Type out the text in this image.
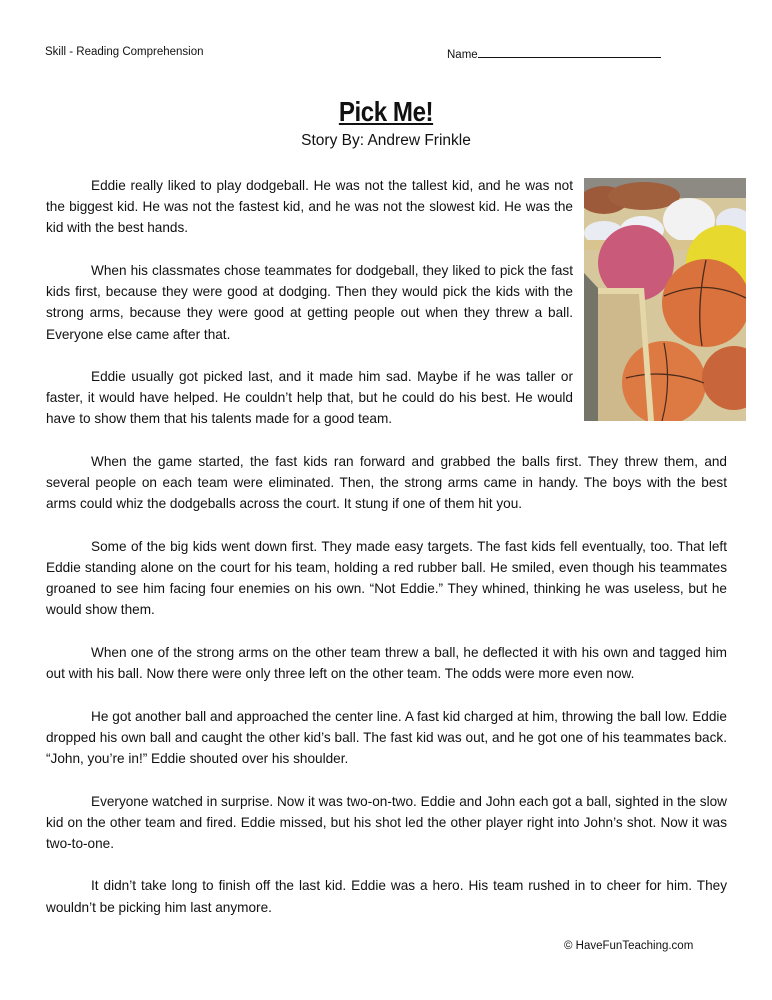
Skill - Reading Comprehension	Name
Pick Me!
Story By: Andrew Frinkle

Eddie really liked to play dodgeball. He was not the tallest kid, and he was not the biggest kid. He was not the fastest kid, and he was not the slowest kid. He was the kid with the best hands.

When his classmates chose teammates for dodgeball, they liked to pick the fast kids first, because they were good at dodging. Then they would pick the kids with the strong arms, because they were good at getting people out when they threw a ball. Everyone else came after that.

Eddie usually got picked last, and it made him sad. Maybe if he was taller or faster, it would have helped. He couldn’t help that, but he could do his best. He would have to show them that his talents made for a good team.

When the game started, the fast kids ran forward and grabbed the balls first. They threw them, and several people on each team were eliminated. Then, the strong arms came in handy. The boys with the best arms could whiz the dodgeballs across the court. It stung if one of them hit you.

Some of the big kids went down first. They made easy targets. The fast kids fell eventually, too. That left Eddie standing alone on the court for his team, holding a red rubber ball. He smiled, even though his teammates groaned to see him facing four enemies on his own. “Not Eddie.” They whined, thinking he was useless, but he would show them.

When one of the strong arms on the other team threw a ball, he deflected it with his own and tagged him out with his ball. Now there were only three left on the other team. The odds were more even now.

He got another ball and approached the center line. A fast kid charged at him, throwing the ball low. Eddie dropped his own ball and caught the other kid’s ball. The fast kid was out, and he got one of his teammates back. “John, you’re in!” Eddie shouted over his shoulder.

Everyone watched in surprise. Now it was two-on-two. Eddie and John each got a ball, sighted in the slow kid on the other team and fired. Eddie missed, but his shot led the other player right into John’s shot. Now it was two-to-one.

It didn’t take long to finish off the last kid. Eddie was a hero. His team rushed in to cheer for him. They wouldn’t be picking him last anymore.

© HaveFunTeaching.com
